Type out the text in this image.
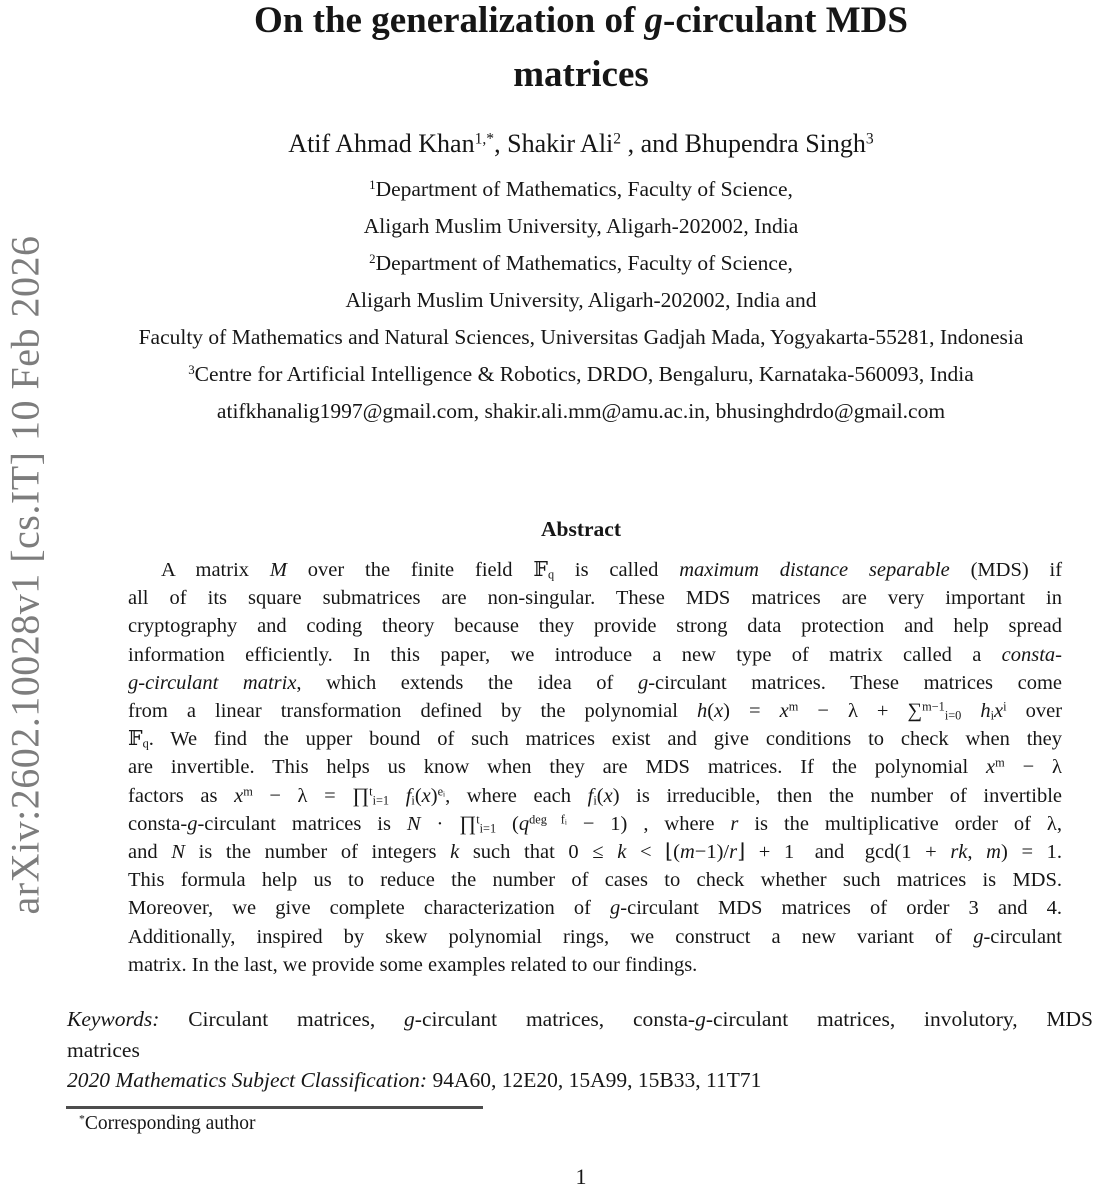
arXiv:2602.10028v1 [cs.IT] 10 Feb 2026
On the generalization of g-circulant MDS
matrices
Atif Ahmad Khan$^{1,*}$, Shakir Ali$^2$ , and Bhupendra Singh$^3$
$^1$Department of Mathematics, Faculty of Science,
Aligarh Muslim University, Aligarh-202002, India
$^2$Department of Mathematics, Faculty of Science,
Aligarh Muslim University, Aligarh-202002, India and
Faculty of Mathematics and Natural Sciences, Universitas Gadjah Mada, Yogyakarta-55281, Indonesia
$^3$Centre for Artificial Intelligence & Robotics, DRDO, Bengaluru, Karnataka-560093, India
atifkhanalig1997@gmail.com, shakir.ali.mm@amu.ac.in, bhusinghdrdo@gmail.com
Abstract
A matrix M over the finite field 𝔽$_q$ is called maximum distance separable (MDS) if
all of its square submatrices are non-singular. These MDS matrices are very important in
cryptography and coding theory because they provide strong data protection and help spread
information efficiently. In this paper, we introduce a new type of matrix called a consta-
g-circulant matrix, which extends the idea of g-circulant matrices. These matrices come
from a linear transformation defined by the polynomial $h(x) = x^m - \lambda + \sum^{m-1}_{i=0}$ $h_ix^i$ over
𝔽$_q$. We find the upper bound of such matrices exist and give conditions to check when they
are invertible. This helps us know when they are MDS matrices. If the polynomial $x^m - \lambda$
factors as $x^m - \lambda$ = ∏$^t_{i=1}$ $f_i(x)^{eᵢ}$, where each $f_i(x)$ is irreducible, then the number of invertible
consta-g-circulant matrices is N · ∏$^t_{i=1}$ $(q^{deg fᵢ} - 1)$ , where r is the multiplicative order of λ,
and N is the number of integers k such that 0 ≤ k < ⌊(m−1)/r⌋ + 1 and gcd(1 + rk, m) = 1.
This formula help us to reduce the number of cases to check whether such matrices is MDS.
Moreover, we give complete characterization of g-circulant MDS matrices of order 3 and 4.
Additionally, inspired by skew polynomial rings, we construct a new variant of g-circulant
matrix. In the last, we provide some examples related to our findings.
Keywords: Circulant matrices, g-circulant matrices, consta-g-circulant matrices, involutory, MDS
matrices
2020 Mathematics Subject Classification: 94A60, 12E20, 15A99, 15B33, 11T71
*Corresponding author
1
